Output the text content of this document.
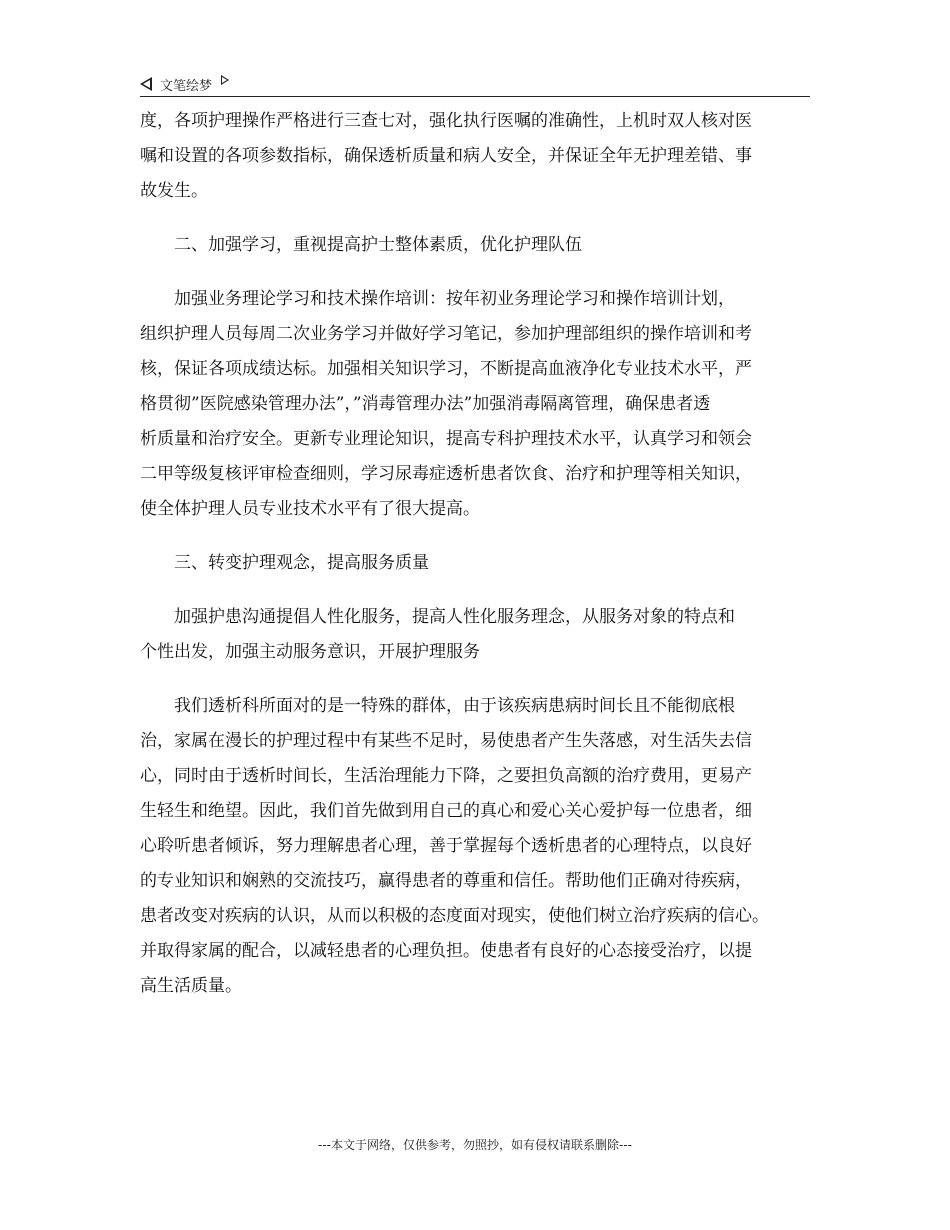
文笔绘梦

度，各项护理操作严格进行三查七对，强化执行医嘱的准确性，上机时双人核对医
嘱和设置的各项参数指标，确保透析质量和病人安全，并保证全年无护理差错、事
故发生。

二、加强学习，重视提高护士整体素质，优化护理队伍

加强业务理论学习和技术操作培训：按年初业务理论学习和操作培训计划，
组织护理人员每周二次业务学习并做好学习笔记，参加护理部组织的操作培训和考
核，保证各项成绩达标。加强相关知识学习，不断提高血液净化专业技术水平，严
格贯彻”医院感染管理办法”，”消毒管理办法”加强消毒隔离管理，确保患者透
析质量和治疗安全。更新专业理论知识，提高专科护理技术水平，认真学习和领会
二甲等级复核评审检查细则，学习尿毒症透析患者饮食、治疗和护理等相关知识，
使全体护理人员专业技术水平有了很大提高。

三、转变护理观念，提高服务质量

加强护患沟通提倡人性化服务，提高人性化服务理念，从服务对象的特点和
个性出发，加强主动服务意识，开展护理服务

我们透析科所面对的是一特殊的群体，由于该疾病患病时间长且不能彻底根
治，家属在漫长的护理过程中有某些不足时，易使患者产生失落感，对生活失去信
心，同时由于透析时间长，生活治理能力下降，之要担负高额的治疗费用，更易产
生轻生和绝望。因此，我们首先做到用自己的真心和爱心关心爱护每一位患者，细
心聆听患者倾诉，努力理解患者心理，善于掌握每个透析患者的心理特点，以良好
的专业知识和娴熟的交流技巧，赢得患者的尊重和信任。帮助他们正确对待疾病，
患者改变对疾病的认识，从而以积极的态度面对现实，使他们树立治疗疾病的信心。
并取得家属的配合，以减轻患者的心理负担。使患者有良好的心态接受治疗，以提
高生活质量。

---本文于网络，仅供参考，勿照抄，如有侵权请联系删除---
